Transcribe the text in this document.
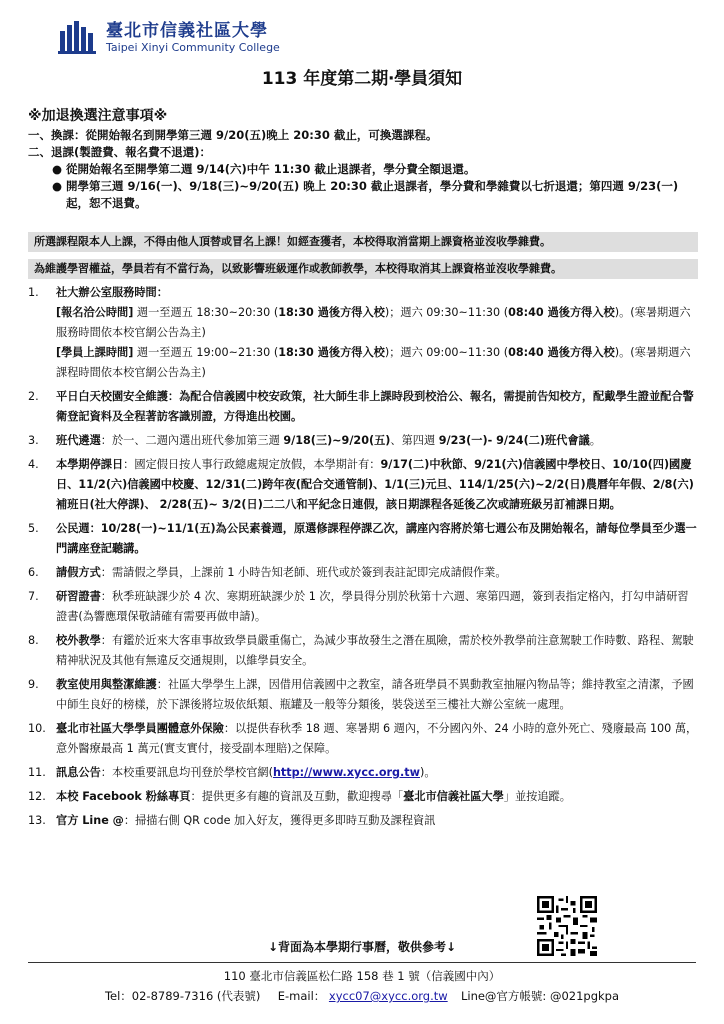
臺北市信義社區大學
Taipei Xinyi Community College
113 年度第二期‧學員須知
※加退換選注意事項※
一、換課：從開始報名到開學第三週 9/20(五)晚上 20:30 截止，可換選課程。
二、退課(製證費、報名費不退還)：
● 從開始報名至開學第二週 9/14(六)中午 11:30 截止退課者，學分費全額退還。
● 開學第三週 9/16(一)、9/18(三)~9/20(五) 晚上 20:30 截止退課者，學分費和學雜費以七折退還；第四週 9/23(一)起，恕不退費。
所選課程限本人上課，不得由他人頂替或冒名上課！如經查獲者，本校得取消當期上課資格並沒收學雜費。
為維護學習權益，學員若有不當行為，以致影響班級運作或教師教學，本校得取消其上課資格並沒收學雜費。
1.	社大辦公室服務時間：
[報名洽公時間] 週一至週五 18:30~20:30 (18:30 過後方得入校)；週六 09:30~11:30 (08:40 過後方得入校)。(寒暑期週六服務時間依本校官網公告為主)
[學員上課時間] 週一至週五 19:00~21:30 (18:30 過後方得入校)；週六 09:00~11:30 (08:40 過後方得入校)。(寒暑期週六課程時間依本校官網公告為主)
2.	平日白天校園安全維護：為配合信義國中校安政策，社大師生非上課時段到校洽公、報名，需提前告知校方，配戴學生證並配合警衛登記資料及全程著訪客識別證，方得進出校園。
3.	班代遴選：於一、二週內選出班代參加第三週 9/18(三)~9/20(五)、第四週 9/23(一)- 9/24(二)班代會議。
4.	本學期停課日：國定假日按人事行政總處規定放假，本學期計有：9/17(二)中秋節、9/21(六)信義國中學校日、10/10(四)國慶日、11/2(六)信義國中校慶、12/31(二)跨年夜(配合交通管制)、1/1(三)元旦、114/1/25(六)~2/2(日)農曆年年假、2/8(六)補班日(社大停課)、 2/28(五)~ 3/2(日)二二八和平紀念日連假，該日期課程各延後乙次或請班級另訂補課日期。
5.	公民週：10/28(一)~11/1(五)為公民素養週，原選修課程停課乙次，講座內容將於第七週公布及開始報名，請每位學員至少選一門講座登記聽講。
6.	請假方式：需請假之學員，上課前 1 小時告知老師、班代或於簽到表註記即完成請假作業。
7.	研習證書：秋季班缺課少於 4 次、寒期班缺課少於 1 次，學員得分別於秋第十六週、寒第四週，簽到表指定格內，打勾申請研習證書(為響應環保敬請確有需要再做申請)。
8.	校外教學：有鑑於近來大客車事故致學員嚴重傷亡，為減少事故發生之潛在風險，需於校外教學前注意駕駛工作時數、路程、駕駛精神狀況及其他有無違反交通規則，以維學員安全。
9.	教室使用與整潔維護：社區大學學生上課，因借用信義國中之教室，請各班學員不異動教室抽屜內物品等；維持教室之清潔，予國中師生良好的榜樣，於下課後將垃圾依紙類、瓶罐及一般等分類後，裝袋送至三樓社大辦公室統一處理。
10. 臺北市社區大學學員團體意外保險：以提供春秋季 18 週、寒暑期 6 週內，不分國內外、24 小時的意外死亡、殘廢最高 100 萬，意外醫療最高 1 萬元(實支實付，接受副本理賠)之保障。
11. 訊息公告：本校重要訊息均刊登於學校官網(http://www.xycc.org.tw)。
12. 本校 Facebook 粉絲專頁：提供更多有趣的資訊及互動，歡迎搜尋「臺北市信義社區大學」並按追蹤。
13. 官方 Line @：掃描右側 QR code 加入好友，獲得更多即時互動及課程資訊
↓背面為本學期行事曆，敬供參考↓
110 臺北市信義區松仁路 158 巷 1 號（信義國中內）
Tel：02-8789-7316 (代表號) E-mail： xycc07@xycc.org.tw Line@官方帳號: @021pgkpa
